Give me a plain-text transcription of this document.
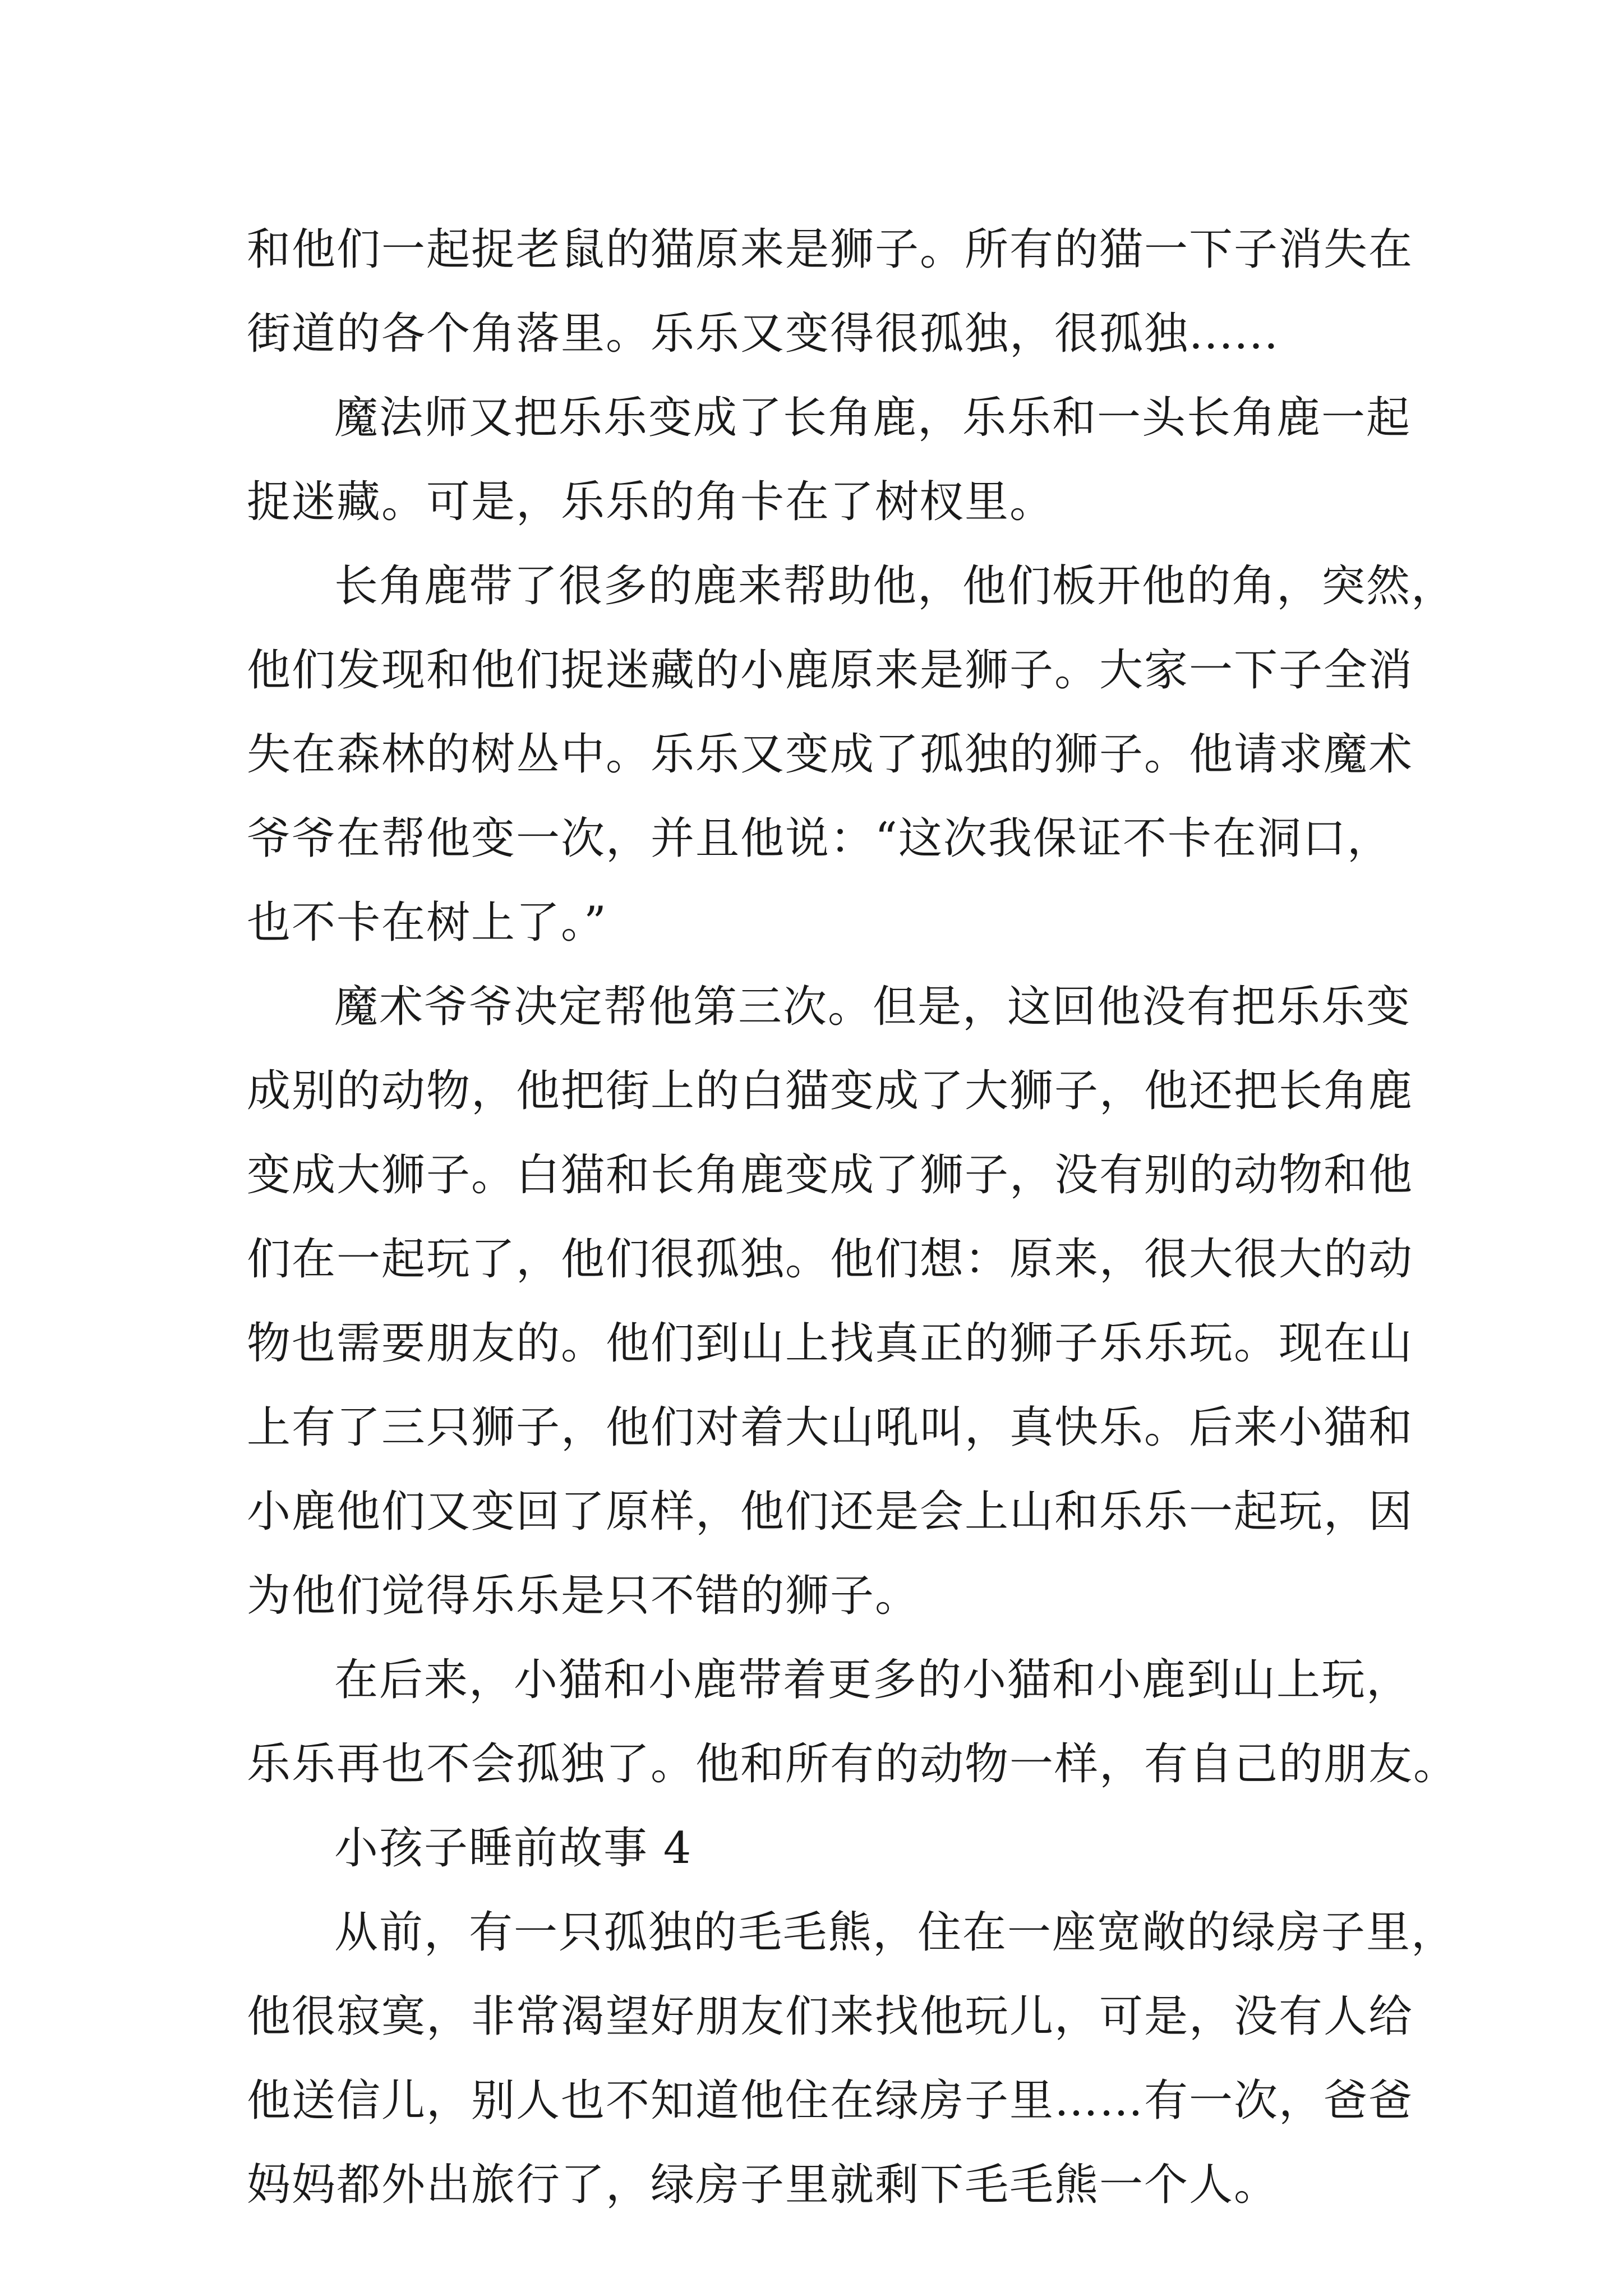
和他们一起捉老鼠的猫原来是狮子。所有的猫一下子消失在
街道的各个角落里。乐乐又变得很孤独，很孤独......
魔法师又把乐乐变成了长角鹿，乐乐和一头长角鹿一起
捉迷藏。可是，乐乐的角卡在了树杈里。
长角鹿带了很多的鹿来帮助他，他们板开他的角，突然，
他们发现和他们捉迷藏的小鹿原来是狮子。大家一下子全消
失在森林的树丛中。乐乐又变成了孤独的狮子。他请求魔术
爷爷在帮他变一次，并且他说：“这次我保证不卡在洞口，
也不卡在树上了。”
魔术爷爷决定帮他第三次。但是，这回他没有把乐乐变
成别的动物，他把街上的白猫变成了大狮子，他还把长角鹿
变成大狮子。白猫和长角鹿变成了狮子，没有别的动物和他
们在一起玩了，他们很孤独。他们想：原来，很大很大的动
物也需要朋友的。他们到山上找真正的狮子乐乐玩。现在山
上有了三只狮子，他们对着大山吼叫，真快乐。后来小猫和
小鹿他们又变回了原样，他们还是会上山和乐乐一起玩，因
为他们觉得乐乐是只不错的狮子。
在后来，小猫和小鹿带着更多的小猫和小鹿到山上玩，
乐乐再也不会孤独了。他和所有的动物一样，有自己的朋友。
小孩子睡前故事 4
从前，有一只孤独的毛毛熊，住在一座宽敞的绿房子里，
他很寂寞，非常渴望好朋友们来找他玩儿，可是，没有人给
他送信儿，别人也不知道他住在绿房子里……有一次，爸爸
妈妈都外出旅行了，绿房子里就剩下毛毛熊一个人。
